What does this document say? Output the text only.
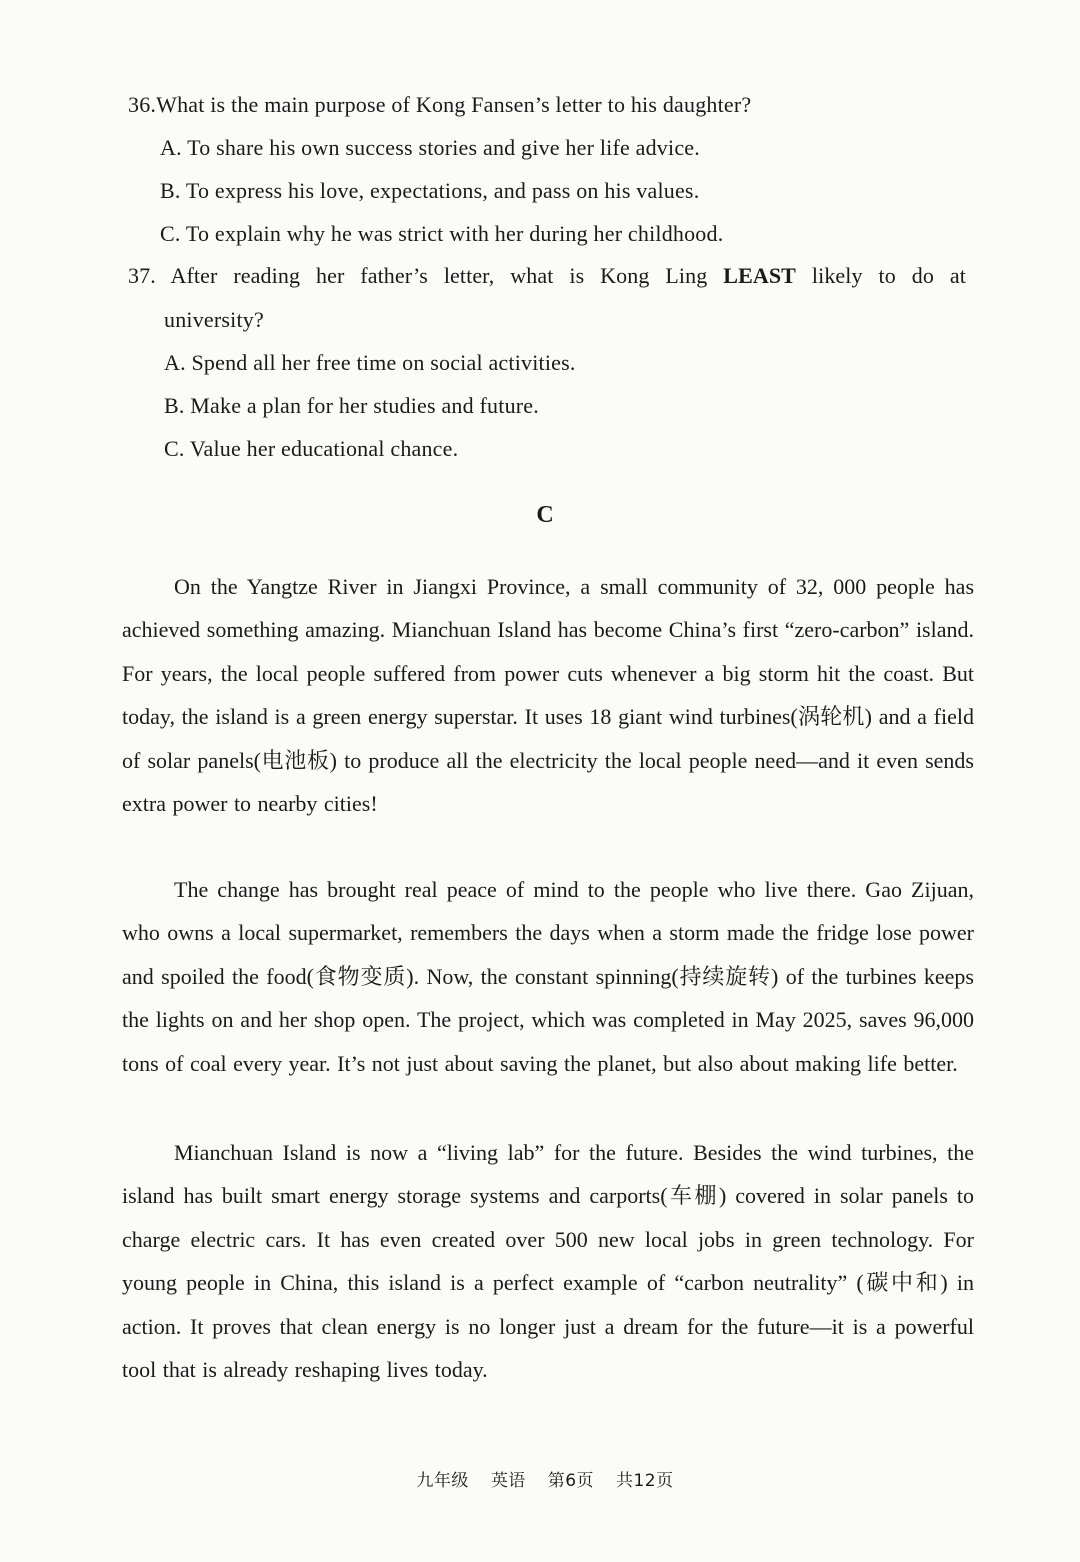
36.What is the main purpose of Kong Fansen’s letter to his daughter?
A. To share his own success stories and give her life advice.
B. To express his love, expectations, and pass on his values.
C. To explain why he was strict with her during her childhood.
37. After reading her father’s letter, what is Kong Ling LEAST likely to do at
university?
A. Spend all her free time on social activities.
B. Make a plan for her studies and future.
C. Value her educational chance.
C
On the Yangtze River in Jiangxi Province, a small community of 32, 000 people has achieved something amazing. Mianchuan Island has become China’s first “zero-carbon” island. For years, the local people suffered from power cuts whenever a big storm hit the coast. But today, the island is a green energy superstar. It uses 18 giant wind turbines(涡轮机) and a field of solar panels(电池板) to produce all the electricity the local people need—and it even sends extra power to nearby cities!
The change has brought real peace of mind to the people who live there. Gao Zijuan, who owns a local supermarket, remembers the days when a storm made the fridge lose power and spoiled the food(食物变质). Now, the constant spinning(持续旋转) of the turbines keeps the lights on and her shop open. The project, which was completed in May 2025, saves 96,000 tons of coal every year. It’s not just about saving the planet, but also about making life better.
Mianchuan Island is now a “living lab” for the future. Besides the wind turbines, the island has built smart energy storage systems and carports(车棚) covered in solar panels to charge electric cars. It has even created over 500 new local jobs in green technology. For young people in China, this island is a perfect example of “carbon neutrality” (碳中和) in action. It proves that clean energy is no longer just a dream for the future—it is a powerful tool that is already reshaping lives today.
九年级 英语 第6页 共12页
